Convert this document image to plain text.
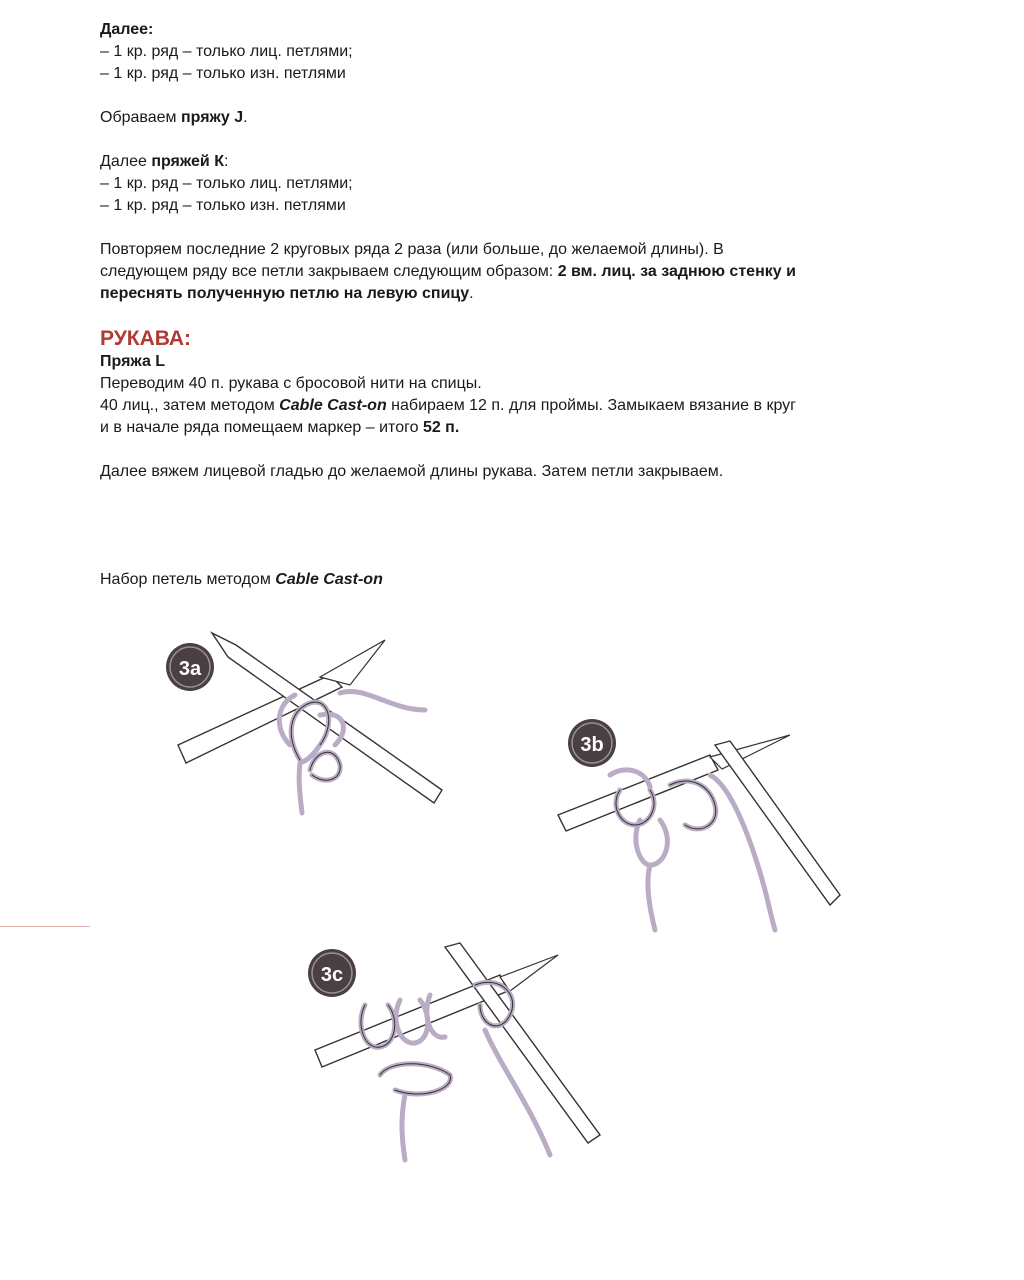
Далее:

– 1 кр. ряд – только лиц. петлями;

– 1 кр. ряд – только изн. петлями

Обраваем пряжу J.

Далее пряжей К:

– 1 кр. ряд – только лиц. петлями;

– 1 кр. ряд – только изн. петлями

Повторяем последние 2 круговых ряда 2 раза (или больше, до желаемой длины). В

следующем ряду все петли закрываем следующим образом: 2 вм. лиц. за заднюю стенку и

переснять полученную петлю на левую спицу.

РУКАВА:

Пряжа L

Переводим 40 п. рукава с бросовой нити на спицы.

40 лиц., затем методом Cable Cast-on набираем 12 п. для проймы. Замыкаем вязание в круг

и в начале ряда помещаем маркер – итого 52 п.

Далее вяжем лицевой гладью до желаемой длины рукава. Затем петли закрываем.

Набор петель методом Cable Cast-on
3a
3b
3c
